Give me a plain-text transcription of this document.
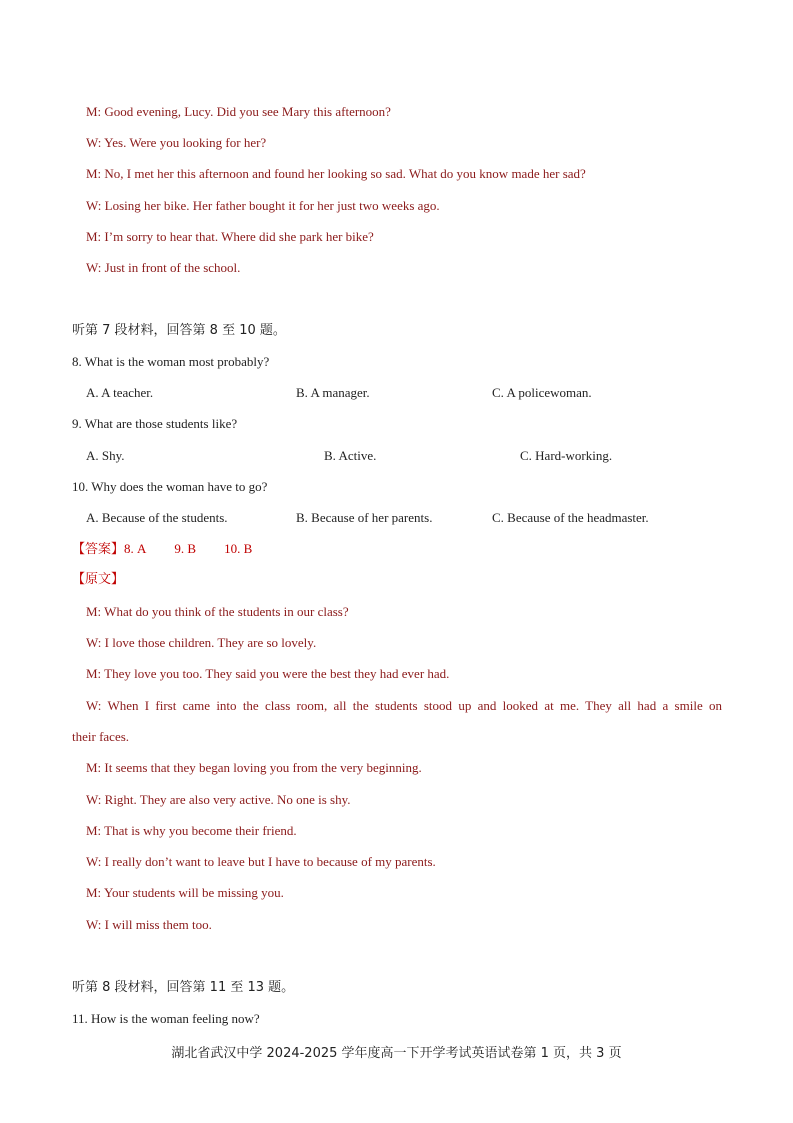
M: Good evening, Lucy. Did you see Mary this afternoon?
W: Yes. Were you looking for her?
M: No, I met her this afternoon and found her looking so sad. What do you know made her sad?
W: Losing her bike. Her father bought it for her just two weeks ago.
M: I’m sorry to hear that. Where did she park her bike?
W: Just in front of the school.
听第 7 段材料，回答第 8 至 10 题。
8. What is the woman most probably?
A. A teacher.	B. A manager.	C. A policewoman.
9. What are those students like?
A. Shy.	B. Active.	C. Hard-working.
10. Why does the woman have to go?
A. Because of the students.	B. Because of her parents.	C. Because of the headmaster.
【答案】8. A 9. B 10. B
【原文】
M: What do you think of the students in our class?
W: I love those children. They are so lovely.
M: They love you too. They said you were the best they had ever had.
W: When I first came into the class room, all the students stood up and looked at me. They all had a smile on
their faces.
M: It seems that they began loving you from the very beginning.
W: Right. They are also very active. No one is shy.
M: That is why you become their friend.
W: I really don’t want to leave but I have to because of my parents.
M: Your students will be missing you.
W: I will miss them too.
听第 8 段材料，回答第 11 至 13 题。
11. How is the woman feeling now?
湖北省武汉中学 2024-2025 学年度高一下开学考试英语试卷第 1 页，共 3 页
